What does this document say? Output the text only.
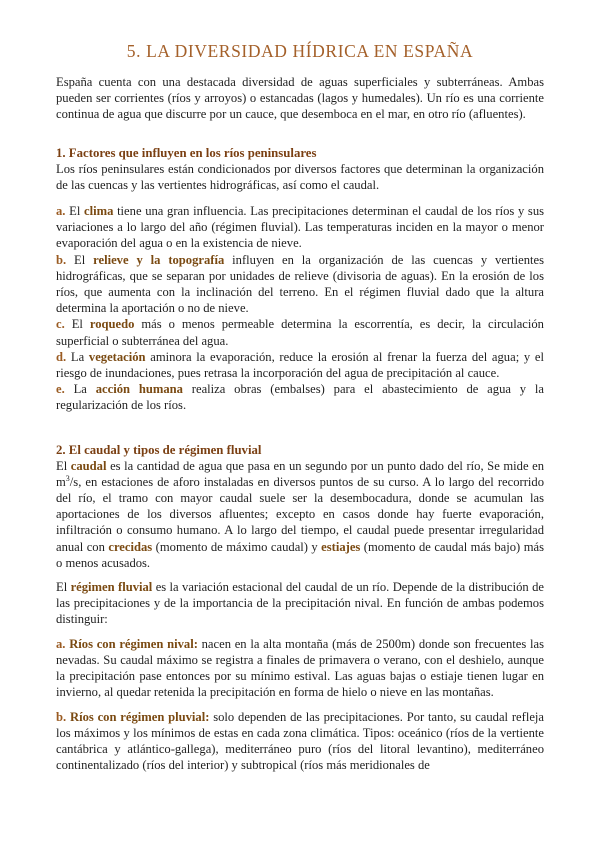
5. LA DIVERSIDAD HÍDRICA EN ESPAÑA

España cuenta con una destacada diversidad de aguas superficiales y subterráneas. Ambas pueden ser corrientes (ríos y arroyos) o estancadas (lagos y humedales). Un río es una corriente continua de agua que discurre por un cauce, que desemboca en el mar, en otro río (afluentes).

1. Factores que influyen en los ríos peninsulares

Los ríos peninsulares están condicionados por diversos factores que determinan la organización de las cuencas y las vertientes hidrográficas, así como el caudal.

a. El clima tiene una gran influencia. Las precipitaciones determinan el caudal de los ríos y sus variaciones a lo largo del año (régimen fluvial). Las temperaturas inciden en la mayor o menor evaporación del agua o en la existencia de nieve.

b. El relieve y la topografía influyen en la organización de las cuencas y vertientes hidrográficas, que se separan por unidades de relieve (divisoria de aguas). En la erosión de los ríos, que aumenta con la inclinación del terreno. En el régimen fluvial dado que la altura determina la aportación o no de nieve.

c. El roquedo más o menos permeable determina la escorrentía, es decir, la circulación superficial o subterránea del agua.

d. La vegetación aminora la evaporación, reduce la erosión al frenar la fuerza del agua; y el riesgo de inundaciones, pues retrasa la incorporación del agua de precipitación al cauce.

e. La acción humana realiza obras (embalses) para el abastecimiento de agua y la regularización de los ríos.

2. El caudal y tipos de régimen fluvial

El caudal es la cantidad de agua que pasa en un segundo por un punto dado del río, Se mide en $m^3/s$, en estaciones de aforo instaladas en diversos puntos de su curso. A lo largo del recorrido del río, el tramo con mayor caudal suele ser la desembocadura, donde se acumulan las aportaciones de los diversos afluentes; excepto en casos donde hay fuerte evaporación, infiltración o consumo humano. A lo largo del tiempo, el caudal puede presentar irregularidad anual con crecidas (momento de máximo caudal) y estiajes (momento de caudal más bajo) más o menos acusados.

El régimen fluvial es la variación estacional del caudal de un río. Depende de la distribución de las precipitaciones y de la importancia de la precipitación nival. En función de ambas podemos distinguir:

a. Ríos con régimen nival: nacen en la alta montaña (más de 2500m) donde son frecuentes las nevadas. Su caudal máximo se registra a finales de primavera o verano, con el deshielo, aunque la precipitación pase entonces por su mínimo estival. Las aguas bajas o estiaje tienen lugar en invierno, al quedar retenida la precipitación en forma de hielo o nieve en las montañas.

b. Ríos con régimen pluvial: solo dependen de las precipitaciones. Por tanto, su caudal refleja los máximos y los mínimos de estas en cada zona climática. Tipos: oceánico (ríos de la vertiente cantábrica y atlántico-gallega), mediterráneo puro (ríos del litoral levantino), mediterráneo continentalizado (ríos del interior) y subtropical (ríos más meridionales de
